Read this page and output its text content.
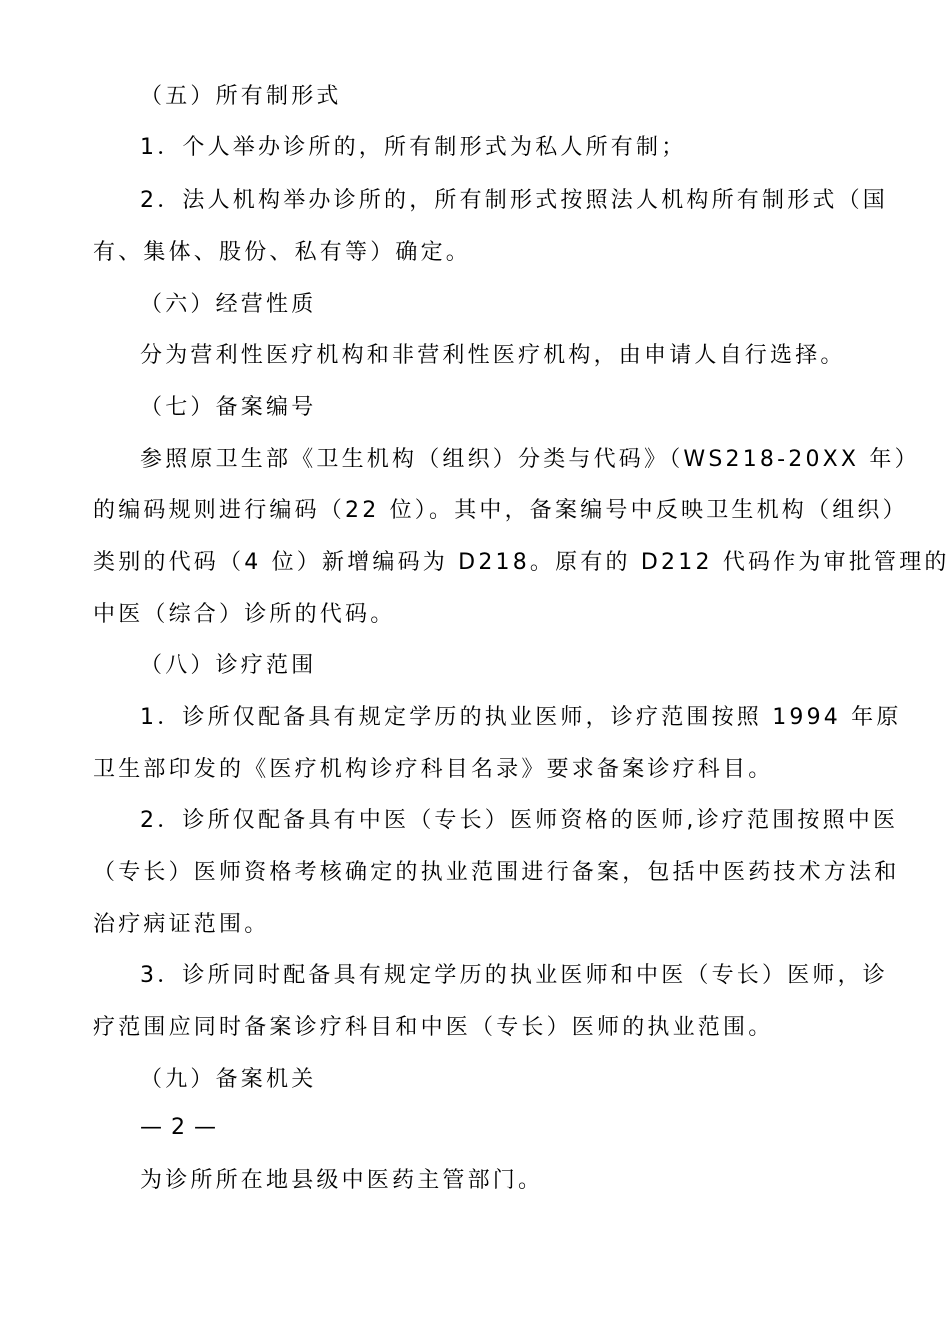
（五）所有制形式
1．个人举办诊所的，所有制形式为私人所有制；
2．法人机构举办诊所的，所有制形式按照法人机构所有制形式（国
有、集体、股份、私有等）确定。
（六）经营性质
分为营利性医疗机构和非营利性医疗机构，由申请人自行选择。
（七）备案编号
参照原卫生部《卫生机构（组织）分类与代码》（WS218-20XX 年）
的编码规则进行编码（22 位）。其中，备案编号中反映卫生机构（组织）
类别的代码（4 位）新增编码为 D218。原有的 D212 代码作为审批管理的
中医（综合）诊所的代码。
（八）诊疗范围
1．诊所仅配备具有规定学历的执业医师，诊疗范围按照 1994 年原
卫生部印发的《医疗机构诊疗科目名录》要求备案诊疗科目。
2．诊所仅配备具有中医（专长）医师资格的医师,诊疗范围按照中医
（专长）医师资格考核确定的执业范围进行备案，包括中医药技术方法和
治疗病证范围。
3．诊所同时配备具有规定学历的执业医师和中医（专长）医师，诊
疗范围应同时备案诊疗科目和中医（专长）医师的执业范围。
（九）备案机关
— 2 —
为诊所所在地县级中医药主管部门。
